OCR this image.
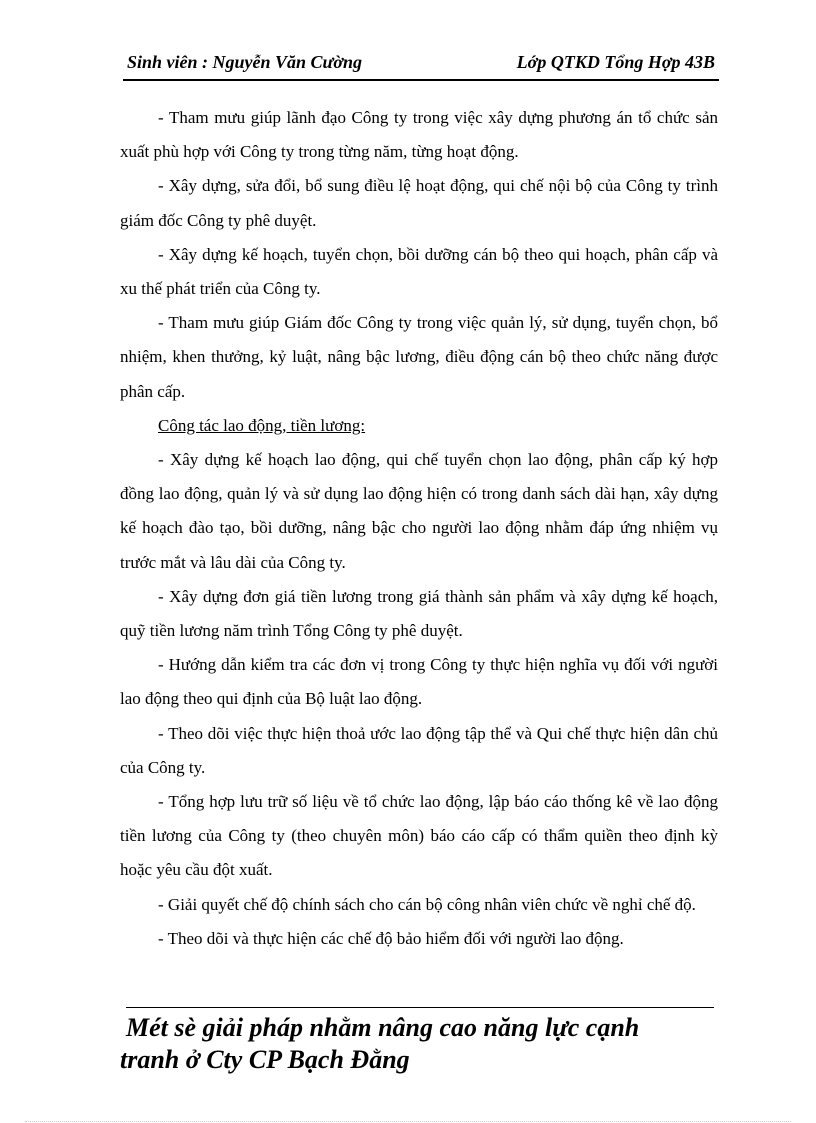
Sinh viên : Nguyễn Văn Cường	Lớp QTKD Tổng Hợp 43B

- Tham mưu giúp lãnh đạo Công ty trong việc xây dựng phương án tổ chức sản xuất phù hợp với Công ty trong từng năm, từng hoạt động.

- Xây dựng, sửa đổi, bổ sung điều lệ hoạt động, qui chế nội bộ của Công ty trình giám đốc Công ty phê duyệt.

- Xây dựng kế hoạch, tuyển chọn, bồi dưỡng cán bộ theo qui hoạch, phân cấp và xu thế phát triển của Công ty.

- Tham mưu giúp Giám đốc Công ty trong việc quản lý, sử dụng, tuyển chọn, bổ nhiệm, khen thưởng, kỷ luật, nâng bậc lương, điều động cán bộ theo chức năng được phân cấp.

Công tác lao động, tiền lương:

- Xây dựng kế hoạch lao động, qui chế tuyển chọn lao động, phân cấp ký hợp đồng lao động, quản lý và sử dụng lao động hiện có trong danh sách dài hạn, xây dựng kế hoạch đào tạo, bồi dưỡng, nâng bậc cho người lao động nhằm đáp ứng nhiệm vụ trước mắt và lâu dài của Công ty.

- Xây dựng đơn giá tiền lương trong giá thành sản phẩm và xây dựng kế hoạch, quỹ tiền lương năm trình Tổng Công ty phê duyệt.

- Hướng dẫn kiểm tra các đơn vị trong Công ty thực hiện nghĩa vụ đối với người lao động theo qui định của Bộ luật lao động.

- Theo dõi việc thực hiện thoả ước lao động tập thể và Qui chế thực hiện dân chủ của Công ty.

- Tổng hợp lưu trữ số liệu về tổ chức lao động, lập báo cáo thống kê về lao động tiền lương của Công ty (theo chuyên môn) báo cáo cấp có thẩm quiền theo định kỳ hoặc yêu cầu đột xuất.

- Giải quyết chế độ chính sách cho cán bộ công nhân viên chức về nghỉ chế độ.

- Theo dõi và thực hiện các chế độ bảo hiểm đối với người lao động.

Mét sè giải pháp nhằm nâng cao năng lực cạnh
tranh ở Cty CP Bạch Đằng
